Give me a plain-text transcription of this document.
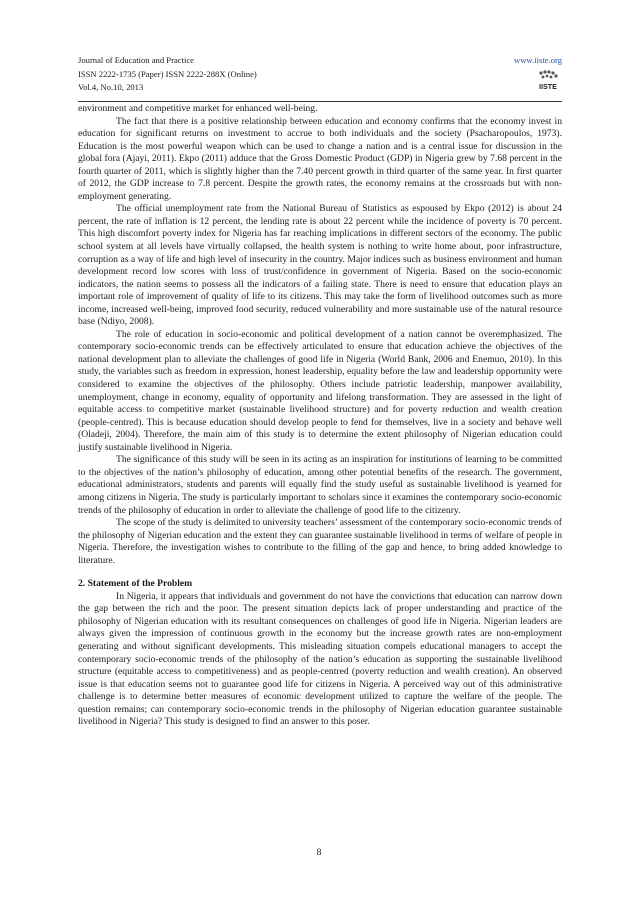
Journal of Education and Practice
ISSN 2222-1735 (Paper) ISSN 2222-288X (Online)
Vol.4, No.10, 2013
www.iiste.org
IISTE

environment and competitive market for enhanced well-being.

The fact that there is a positive relationship between education and economy confirms that the economy invest in education for significant returns on investment to accrue to both individuals and the society (Psacharopoulos, 1973). Education is the most powerful weapon which can be used to change a nation and is a central issue for discussion in the global fora (Ajayi, 2011). Ekpo (2011) adduce that the Gross Domestic Product (GDP) in Nigeria grew by 7.68 percent in the fourth quarter of 2011, which is slightly higher than the 7.40 percent growth in third quarter of the same year. In first quarter of 2012, the GDP increase to 7.8 percent. Despite the growth rates, the economy remains at the crossroads but with non-employment generating.

The official unemployment rate from the National Bureau of Statistics as espoused by Ekpo (2012) is about 24 percent, the rate of inflation is 12 percent, the lending rate is about 22 percent while the incidence of poverty is 70 percent. This high discomfort poverty index for Nigeria has far reaching implications in different sectors of the economy. The public school system at all levels have virtually collapsed, the health system is nothing to write home about, poor infrastructure, corruption as a way of life and high level of insecurity in the country. Major indices such as business environment and human development record low scores with loss of trust/confidence in government of Nigeria. Based on the socio-economic indicators, the nation seems to possess all the indicators of a failing state. There is need to ensure that education plays an important role of improvement of quality of life to its citizens. This may take the form of livelihood outcomes such as more income, increased well-being, improved food security, reduced vulnerability and more sustainable use of the natural resource base (Ndiyo, 2008).

The role of education in socio-economic and political development of a nation cannot be overemphasized. The contemporary socio-economic trends can be effectively articulated to ensure that education achieve the objectives of the national development plan to alleviate the challenges of good life in Nigeria (World Bank, 2006 and Enemuo, 2010). In this study, the variables such as freedom in expression, honest leadership, equality before the law and leadership opportunity were considered to examine the objectives of the philosophy. Others include patriotic leadership, manpower availability, unemployment, change in economy, equality of opportunity and lifelong transformation. They are assessed in the light of equitable access to competitive market (sustainable livelihood structure) and for poverty reduction and wealth creation (people-centred). This is because education should develop people to fend for themselves, live in a society and behave well (Oladeji, 2004). Therefore, the main aim of this study is to determine the extent philosophy of Nigerian education could justify sustainable livelihood in Nigeria.

The significance of this study will be seen in its acting as an inspiration for institutions of learning to be committed to the objectives of the nation’s philosophy of education, among other potential benefits of the research. The government, educational administrators, students and parents will equally find the study useful as sustainable livelihood is yearned for among citizens in Nigeria. The study is particularly important to scholars since it examines the contemporary socio-economic trends of the philosophy of education in order to alleviate the challenge of good life to the citizenry.

The scope of the study is delimited to university teachers’ assessment of the contemporary socio-economic trends of the philosophy of Nigerian education and the extent they can guarantee sustainable livelihood in terms of welfare of people in Nigeria. Therefore, the investigation wishes to contribute to the filling of the gap and hence, to bring added knowledge to literature.

2. Statement of the Problem

In Nigeria, it appears that individuals and government do not have the convictions that education can narrow down the gap between the rich and the poor. The present situation depicts lack of proper understanding and practice of the philosophy of Nigerian education with its resultant consequences on challenges of good life in Nigeria. Nigerian leaders are always given the impression of continuous growth in the economy but the increase growth rates are non-employment generating and without significant developments. This misleading situation compels educational managers to accept the contemporary socio-economic trends of the philosophy of the nation’s education as supporting the sustainable livelihood structure (equitable access to competitiveness) and as people-centred (poverty reduction and wealth creation). An observed issue is that education seems not to guarantee good life for citizens in Nigeria. A perceived way out of this administrative challenge is to determine better measures of economic development utilized to capture the welfare of the people. The question remains; can contemporary socio-economic trends in the philosophy of Nigerian education guarantee sustainable livelihood in Nigeria? This study is designed to find an answer to this poser.

8
